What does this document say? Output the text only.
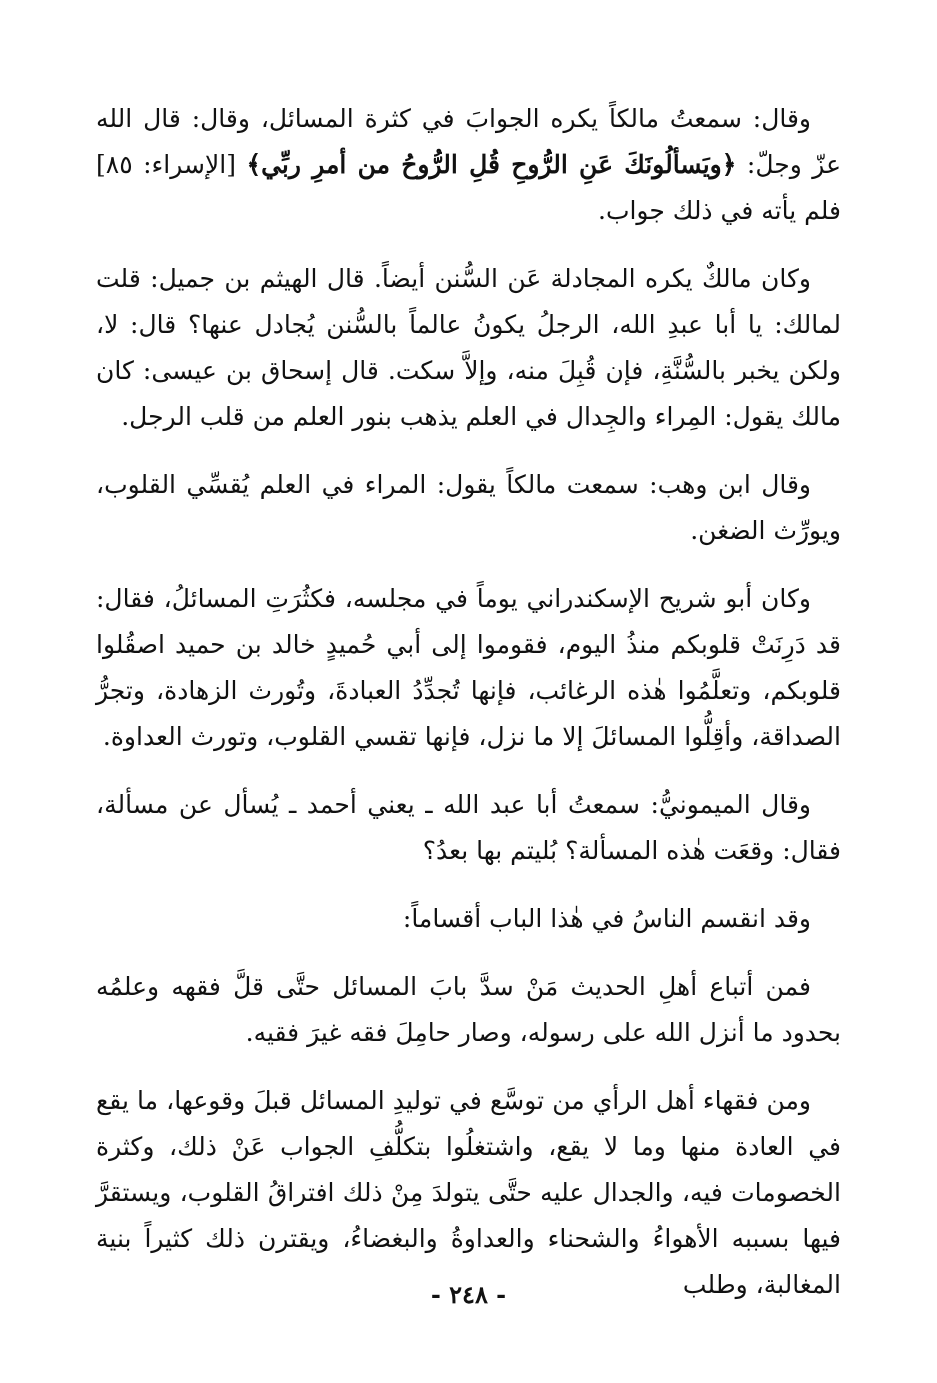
وقال: سمعتُ مالكاً يكره الجوابَ في كثرة المسائل، وقال: قال الله عزّ وجلّ: ﴿ويَسألُونَكَ عَنِ الرُّوحِ قُلِ الرُّوحُ من أمرِ ربِّي﴾ [الإسراء: ٨٥] فلم يأته في ذلك جواب.

وكان مالكٌ يكره المجادلة عَن السُّنن أيضاً. قال الهيثم بن جميل: قلت لمالك: يا أبا عبدِ الله، الرجلُ يكونُ عالماً بالسُّنن يُجادل عنها؟ قال: لا، ولكن يخبر بالسُّنَّةِ، فإن قُبِلَ منه، وإلاَّ سكت. قال إسحاق بن عيسى: كان مالك يقول: المِراء والجِدال في العلم يذهب بنور العلم من قلب الرجل.

وقال ابن وهب: سمعت مالكاً يقول: المراء في العلم يُقسِّي القلوب، ويورِّث الضغن.

وكان أبو شريح الإسكندراني يوماً في مجلسه، فكثُرَتِ المسائلُ، فقال: قد دَرِنَتْ قلوبكم منذُ اليوم، فقوموا إلى أبي حُميدٍ خالد بن حميد اصقُلوا قلوبكم، وتعلَّمُوا هٰذه الرغائب، فإنها تُجدِّدُ العبادةَ، وتُورث الزهادة، وتجرُّ الصداقة، وأقِلُّوا المسائلَ إلا ما نزل، فإنها تقسي القلوب، وتورث العداوة.

وقال الميمونيُّ: سمعتُ أبا عبد الله ـ يعني أحمد ـ يُسأل عن مسألة، فقال: وقعَت هٰذه المسألة؟ بُليتم بها بعدُ؟

وقد انقسم الناسُ في هٰذا الباب أقساماً:

فمن أتباع أهلِ الحديث مَنْ سدَّ بابَ المسائل حتَّى قلَّ فقهه وعلمُه بحدود ما أنزل الله على رسوله، وصار حامِلَ فقه غيرَ فقيه.

ومن فقهاء أهل الرأي من توسَّع في توليدِ المسائل قبلَ وقوعها، ما يقع في العادة منها وما لا يقع، واشتغلُوا بتكلُّفِ الجواب عَنْ ذلك، وكثرة الخصومات فيه، والجدال عليه حتَّى يتولدَ مِنْ ذلك افتراقُ القلوب، ويستقرَّ فيها بسببه الأهواءُ والشحناء والعداوةُ والبغضاءُ، ويقترن ذلك كثيراً بنية المغالبة، وطلب

- ٢٤٨ -
